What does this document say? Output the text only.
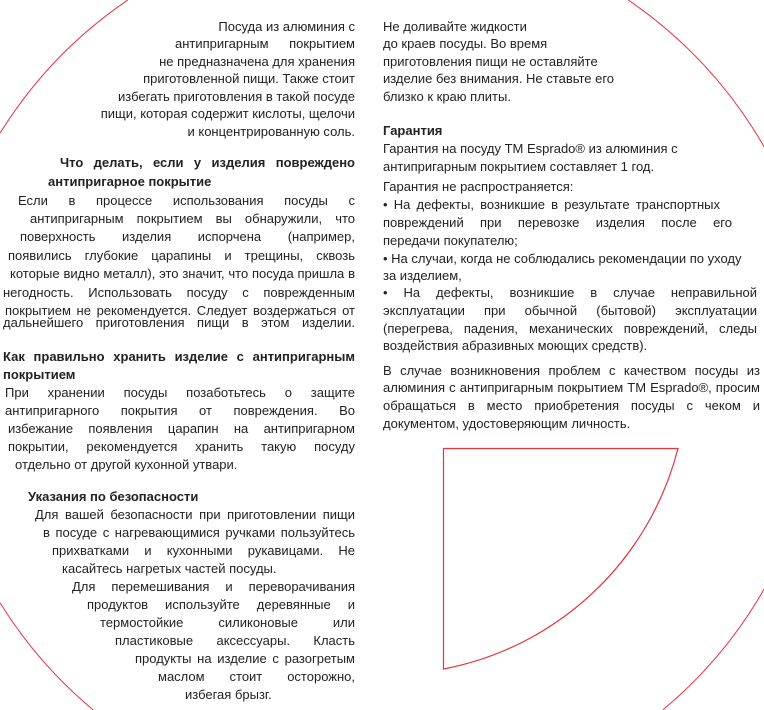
Посуда из алюминия с
антипригарным покрытием
не предназначена для хранения
приготовленной пищи. Также стоит
избегать приготовления в такой посуде
пищи, которая содержит кислоты, щелочи
и концентрированную соль.
Что делать, если у изделия повреждено
антипригарное покрытие
Если в процессе использования посуды с
антипригарным покрытием вы обнаружили, что
поверхность изделия испорчена (например,
появились глубокие царапины и трещины, сквозь
которые видно металл), это значит, что посуда пришла в
негодность. Использовать посуду с поврежденным
покрытием не рекомендуется. Следует воздержаться от
дальнейшего приготовления пищи в этом изделии.
Как правильно хранить изделие с антипригарным
покрытием
При хранении посуды позаботьтесь о защите
антипригарного покрытия от повреждения. Во
избежание появления царапин на антипригарном
покрытии, рекомендуется хранить такую посуду
отдельно от другой кухонной утвари.
Указания по безопасности
Для вашей безопасности при приготовлении пищи
в посуде с нагревающимися ручками пользуйтесь
прихватками и кухонными рукавицами. Не
касайтесь нагретых частей посуды.
Для перемешивания и переворачивания
продуктов используйте деревянные и
термостойкие силиконовые или
пластиковые аксессуары. Класть
продукты на изделие с разогретым
маслом стоит осторожно,
избегая брызг.
Не доливайте жидкости
до краев посуды. Во время
приготовления пищи не оставляйте
изделие без внимания. Не ставьте его
близко к краю плиты.
Гарантия
Гарантия на посуду ТМ Esprado® из алюминия с
антипригарным покрытием составляет 1 год.
Гарантия не распространяется:
• На дефекты, возникшие в результате транспортных
повреждений при перевозке изделия после его
передачи покупателю;
• На случаи, когда не соблюдались рекомендации по уходу
за изделием,
• На дефекты, возникшие в случае неправильной
эксплуатации при обычной (бытовой) эксплуатации
(перегрева, падения, механических повреждений, следы
воздействия абразивных моющих средств).
В случае возникновения проблем с качеством посуды из
алюминия с антипригарным покрытием ТМ Esprado®, просим
обращаться в место приобретения посуды с чеком и
документом, удостоверяющим личность.
